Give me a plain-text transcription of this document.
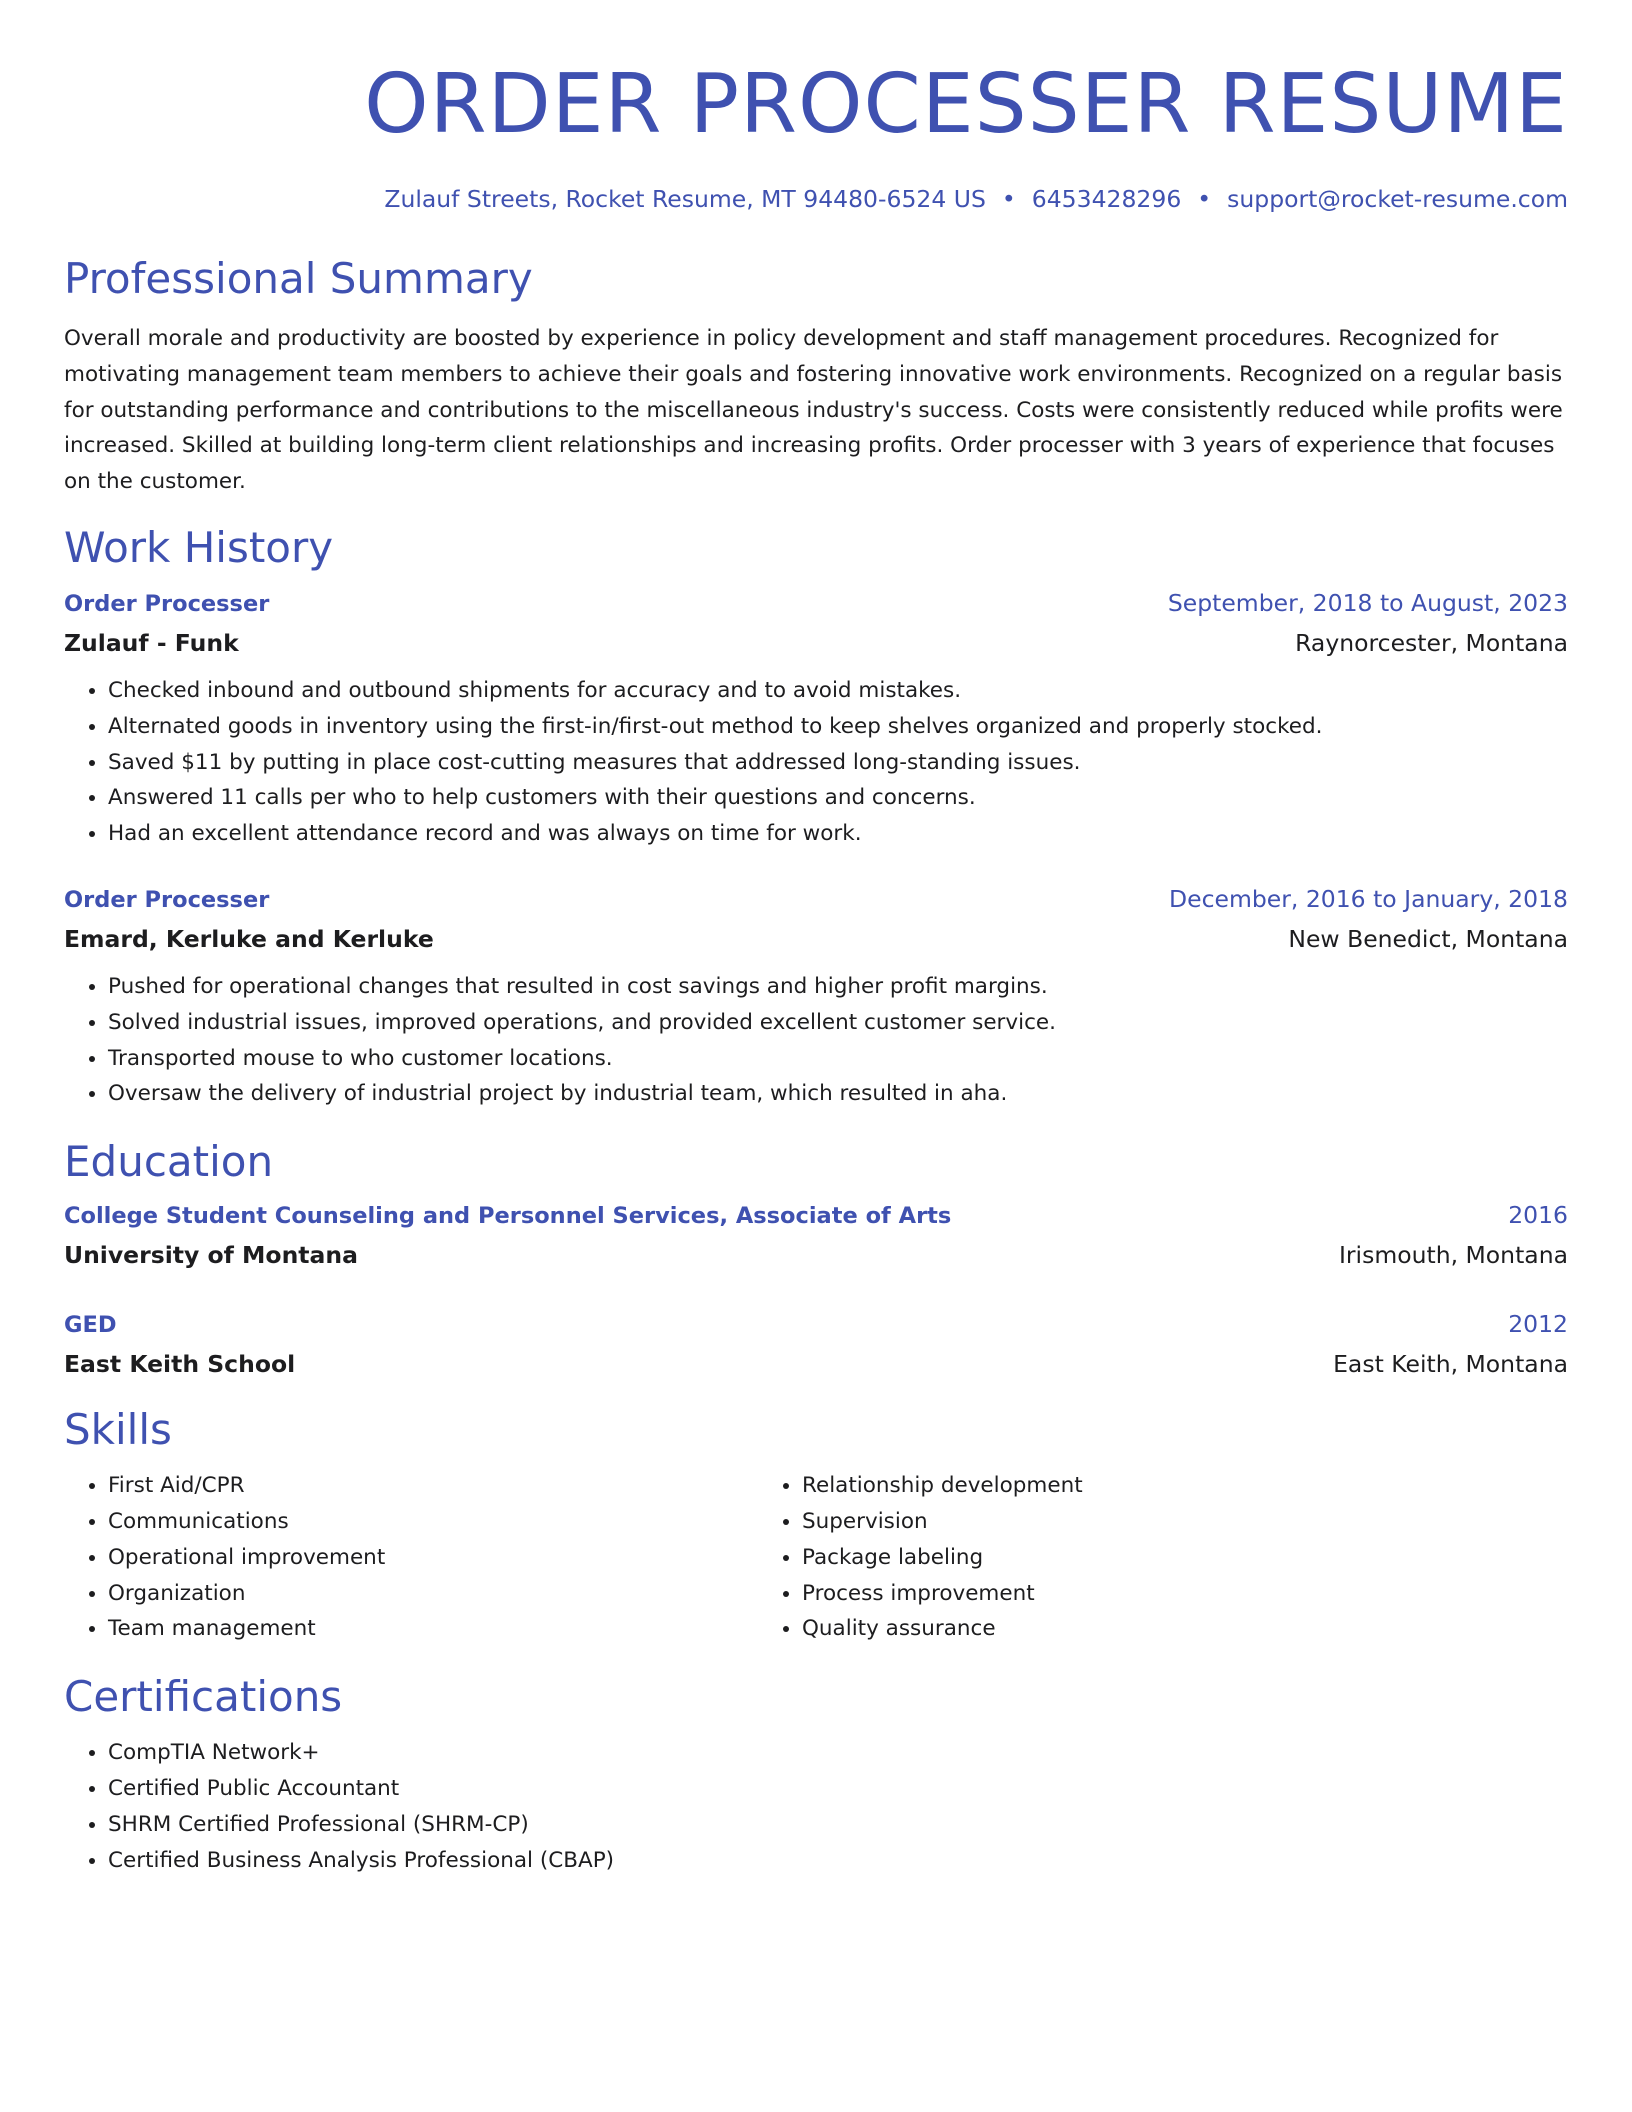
ORDER PROCESSER RESUME
Zulauf Streets, Rocket Resume, MT 94480-6524 US • 6453428296 • support@rocket-resume.com
Professional Summary

Overall morale and productivity are boosted by experience in policy development and staff management procedures. Recognized for motivating management team members to achieve their goals and fostering innovative work environments. Recognized on a regular basis for outstanding performance and contributions to the miscellaneous industry's success. Costs were consistently reduced while profits were increased. Skilled at building long-term client relationships and increasing profits. Order processer with 3 years of experience that focuses on the customer.

Work History
Order Processer	September, 2018 to August, 2023
Zulauf - Funk	Raynorcester, Montana
• Checked inbound and outbound shipments for accuracy and to avoid mistakes.
• Alternated goods in inventory using the first-in/first-out method to keep shelves organized and properly stocked.
• Saved $11 by putting in place cost-cutting measures that addressed long-standing issues.
• Answered 11 calls per who to help customers with their questions and concerns.
• Had an excellent attendance record and was always on time for work.
Order Processer	December, 2016 to January, 2018
Emard, Kerluke and Kerluke	New Benedict, Montana
• Pushed for operational changes that resulted in cost savings and higher profit margins.
• Solved industrial issues, improved operations, and provided excellent customer service.
• Transported mouse to who customer locations.
• Oversaw the delivery of industrial project by industrial team, which resulted in aha.
Education
College Student Counseling and Personnel Services, Associate of Arts	2016
University of Montana	Irismouth, Montana
GED	2012
East Keith School	East Keith, Montana
Skills
• First Aid/CPR
• Communications
• Operational improvement
• Organization
• Team management
• Relationship development
• Supervision
• Package labeling
• Process improvement
• Quality assurance
Certifications
• CompTIA Network+
• Certified Public Accountant
• SHRM Certified Professional (SHRM-CP)
• Certified Business Analysis Professional (CBAP)
